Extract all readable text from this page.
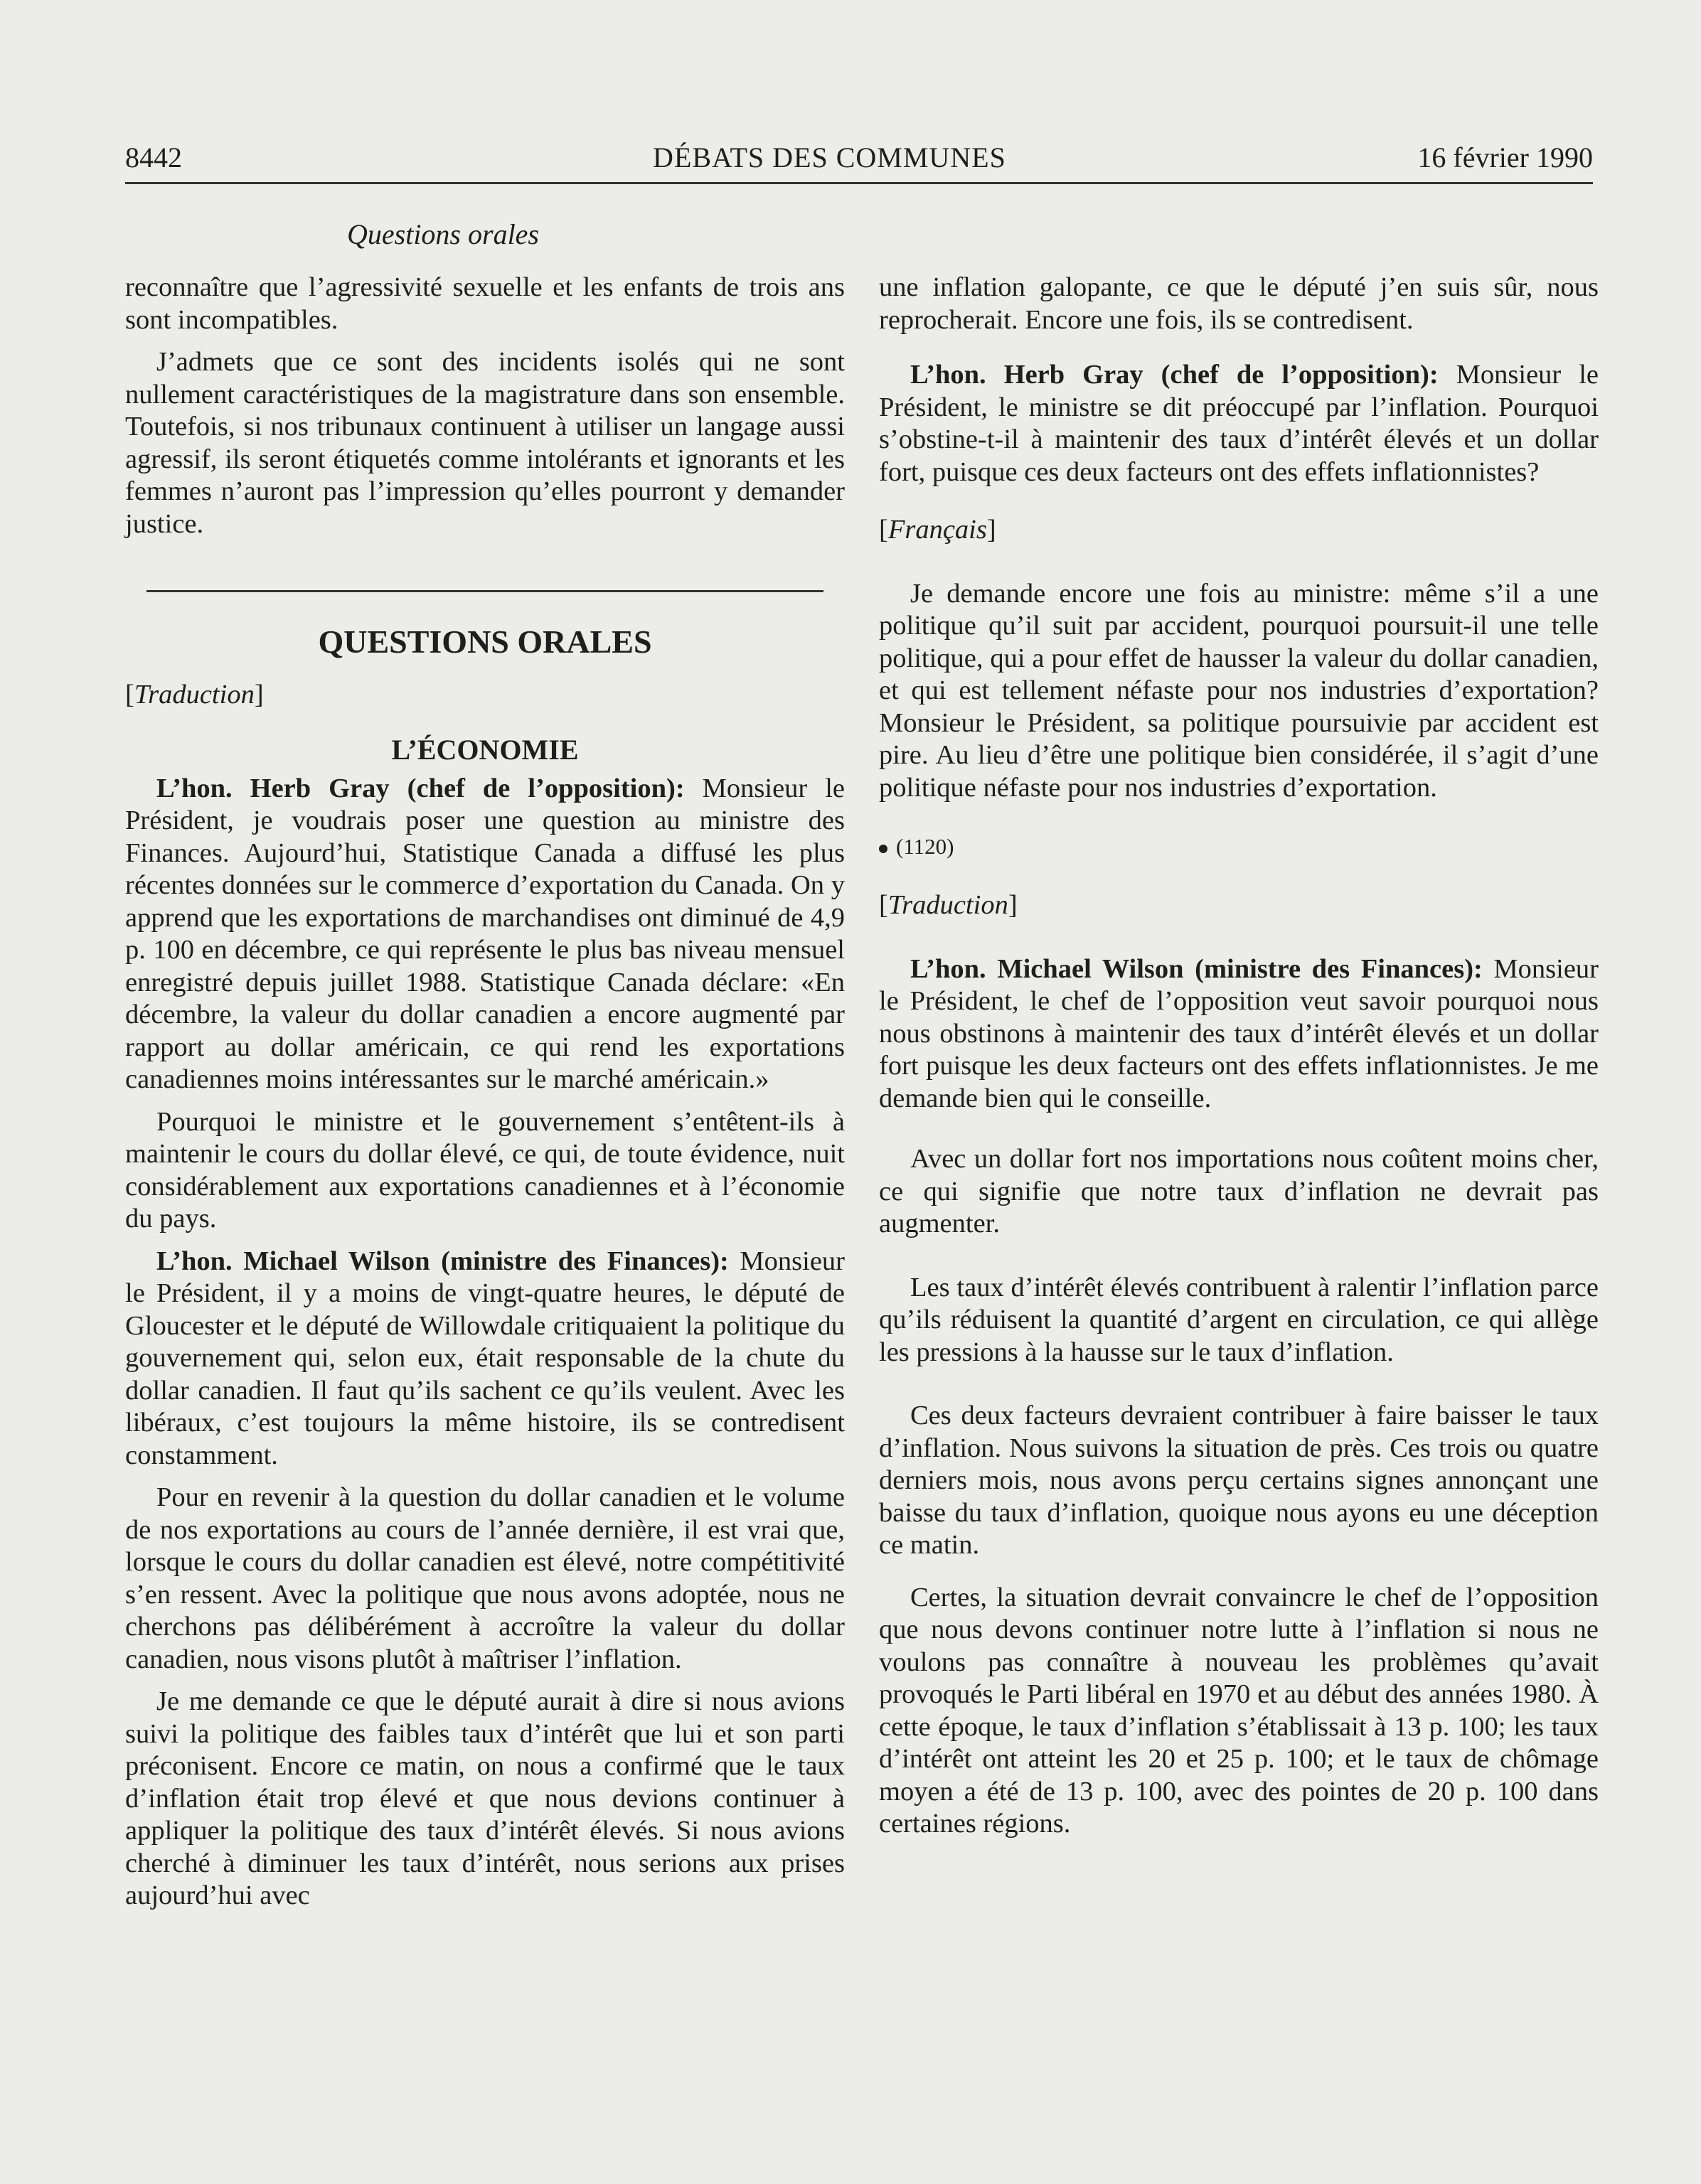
8442	DÉBATS DES COMMUNES	16 février 1990
Questions orales

reconnaître que l’agressivité sexuelle et les enfants de trois ans sont incompatibles.

J’admets que ce sont des incidents isolés qui ne sont nullement caractéristiques de la magistrature dans son ensemble. Toutefois, si nos tribunaux continuent à utiliser un langage aussi agressif, ils seront étiquetés comme intolérants et ignorants et les femmes n’auront pas l’impression qu’elles pourront y demander justice.

QUESTIONS ORALES

[Traduction]

L’ÉCONOMIE

L’hon. Herb Gray (chef de l’opposition): Monsieur le Président, je voudrais poser une question au ministre des Finances. Aujourd’hui, Statistique Canada a diffusé les plus récentes données sur le commerce d’exportation du Canada. On y apprend que les exportations de marchandises ont diminué de 4,9 p. 100 en décembre, ce qui représente le plus bas niveau mensuel enregistré depuis juillet 1988. Statistique Canada déclare: «En décembre, la valeur du dollar canadien a encore augmenté par rapport au dollar américain, ce qui rend les exportations canadiennes moins intéressantes sur le marché américain.»

Pourquoi le ministre et le gouvernement s’entêtent-ils à maintenir le cours du dollar élevé, ce qui, de toute évidence, nuit considérablement aux exportations canadiennes et à l’économie du pays.

L’hon. Michael Wilson (ministre des Finances): Monsieur le Président, il y a moins de vingt-quatre heures, le député de Gloucester et le député de Willowdale critiquaient la politique du gouvernement qui, selon eux, était responsable de la chute du dollar canadien. Il faut qu’ils sachent ce qu’ils veulent. Avec les libéraux, c’est toujours la même histoire, ils se contredisent constamment.

Pour en revenir à la question du dollar canadien et le volume de nos exportations au cours de l’année dernière, il est vrai que, lorsque le cours du dollar canadien est élevé, notre compétitivité s’en ressent. Avec la politique que nous avons adoptée, nous ne cherchons pas délibérément à accroître la valeur du dollar canadien, nous visons plutôt à maîtriser l’inflation.

Je me demande ce que le député aurait à dire si nous avions suivi la politique des faibles taux d’intérêt que lui et son parti préconisent. Encore ce matin, on nous a confirmé que le taux d’inflation était trop élevé et que nous devions continuer à appliquer la politique des taux d’intérêt élevés. Si nous avions cherché à diminuer les taux d’intérêt, nous serions aux prises aujourd’hui avec

une inflation galopante, ce que le député j’en suis sûr, nous reprocherait. Encore une fois, ils se contredisent.

L’hon. Herb Gray (chef de l’opposition): Monsieur le Président, le ministre se dit préoccupé par l’inflation. Pourquoi s’obstine-t-il à maintenir des taux d’intérêt élevés et un dollar fort, puisque ces deux facteurs ont des effets inflationnistes?

[Français]

Je demande encore une fois au ministre: même s’il a une politique qu’il suit par accident, pourquoi poursuit-il une telle politique, qui a pour effet de hausser la valeur du dollar canadien, et qui est tellement néfaste pour nos industries d’exportation? Monsieur le Président, sa politique poursuivie par accident est pire. Au lieu d’être une politique bien considérée, il s’agit d’une politique néfaste pour nos industries d’exportation.

(1120)

[Traduction]

L’hon. Michael Wilson (ministre des Finances): Monsieur le Président, le chef de l’opposition veut savoir pourquoi nous nous obstinons à maintenir des taux d’intérêt élevés et un dollar fort puisque les deux facteurs ont des effets inflationnistes. Je me demande bien qui le conseille.

Avec un dollar fort nos importations nous coûtent moins cher, ce qui signifie que notre taux d’inflation ne devrait pas augmenter.

Les taux d’intérêt élevés contribuent à ralentir l’inflation parce qu’ils réduisent la quantité d’argent en circulation, ce qui allège les pressions à la hausse sur le taux d’inflation.

Ces deux facteurs devraient contribuer à faire baisser le taux d’inflation. Nous suivons la situation de près. Ces trois ou quatre derniers mois, nous avons perçu certains signes annonçant une baisse du taux d’inflation, quoique nous ayons eu une déception ce matin.

Certes, la situation devrait convaincre le chef de l’opposition que nous devons continuer notre lutte à l’inflation si nous ne voulons pas connaître à nouveau les problèmes qu’avait provoqués le Parti libéral en 1970 et au début des années 1980. À cette époque, le taux d’inflation s’établissait à 13 p. 100; les taux d’intérêt ont atteint les 20 et 25 p. 100; et le taux de chômage moyen a été de 13 p. 100, avec des pointes de 20 p. 100 dans certaines régions.
